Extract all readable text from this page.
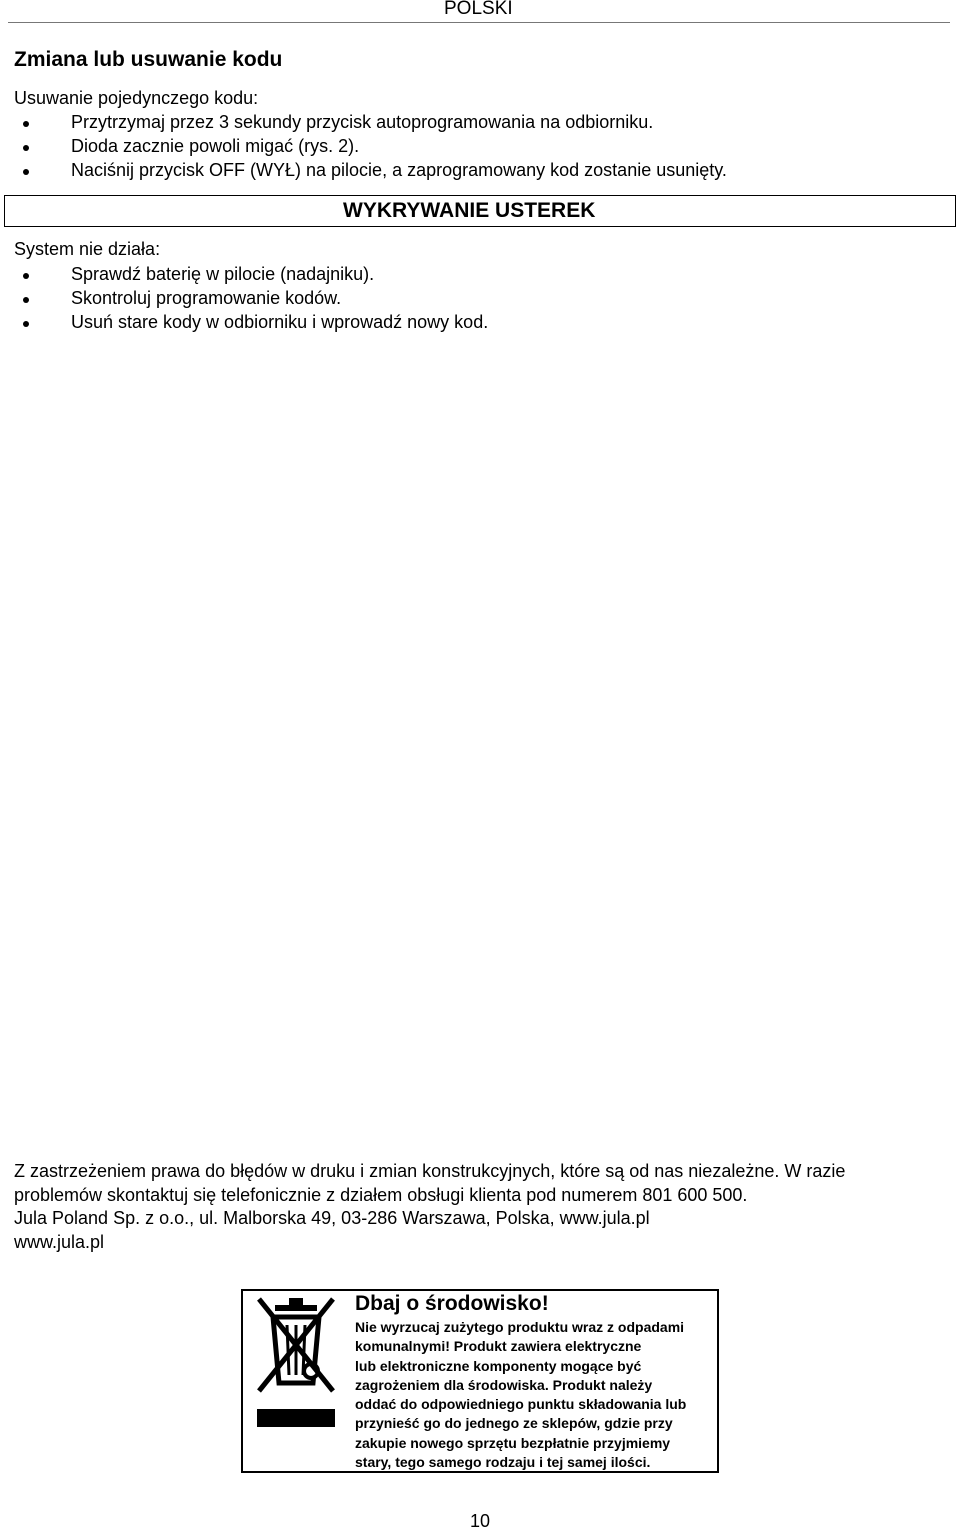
POLSKI
Zmiana lub usuwanie kodu
Usuwanie pojedynczego kodu:
Przytrzymaj przez 3 sekundy przycisk autoprogramowania na odbiorniku.
Dioda zacznie powoli migać (rys. 2).
Naciśnij przycisk OFF (WYŁ) na pilocie, a zaprogramowany kod zostanie usunięty.
WYKRYWANIE USTEREK
System nie działa:
Sprawdź baterię w pilocie (nadajniku).
Skontroluj programowanie kodów.
Usuń stare kody w odbiorniku i wprowadź nowy kod.
Z zastrzeżeniem prawa do błędów w druku i zmian konstrukcyjnych, które są od nas niezależne. W razie
problemów skontaktuj się telefonicznie z działem obsługi klienta pod numerem 801 600 500.
Jula Poland Sp. z o.o., ul. Malborska 49, 03-286 Warszawa, Polska, www.jula.pl
www.jula.pl
Dbaj o środowisko!
Nie wyrzucaj zużytego produktu wraz z odpadami
komunalnymi! Produkt zawiera elektryczne
lub elektroniczne komponenty mogące być
zagrożeniem dla środowiska. Produkt należy
oddać do odpowiedniego punktu składowania lub
przynieść go do jednego ze sklepów, gdzie przy
zakupie nowego sprzętu bezpłatnie przyjmiemy
stary, tego samego rodzaju i tej samej ilości.
10
